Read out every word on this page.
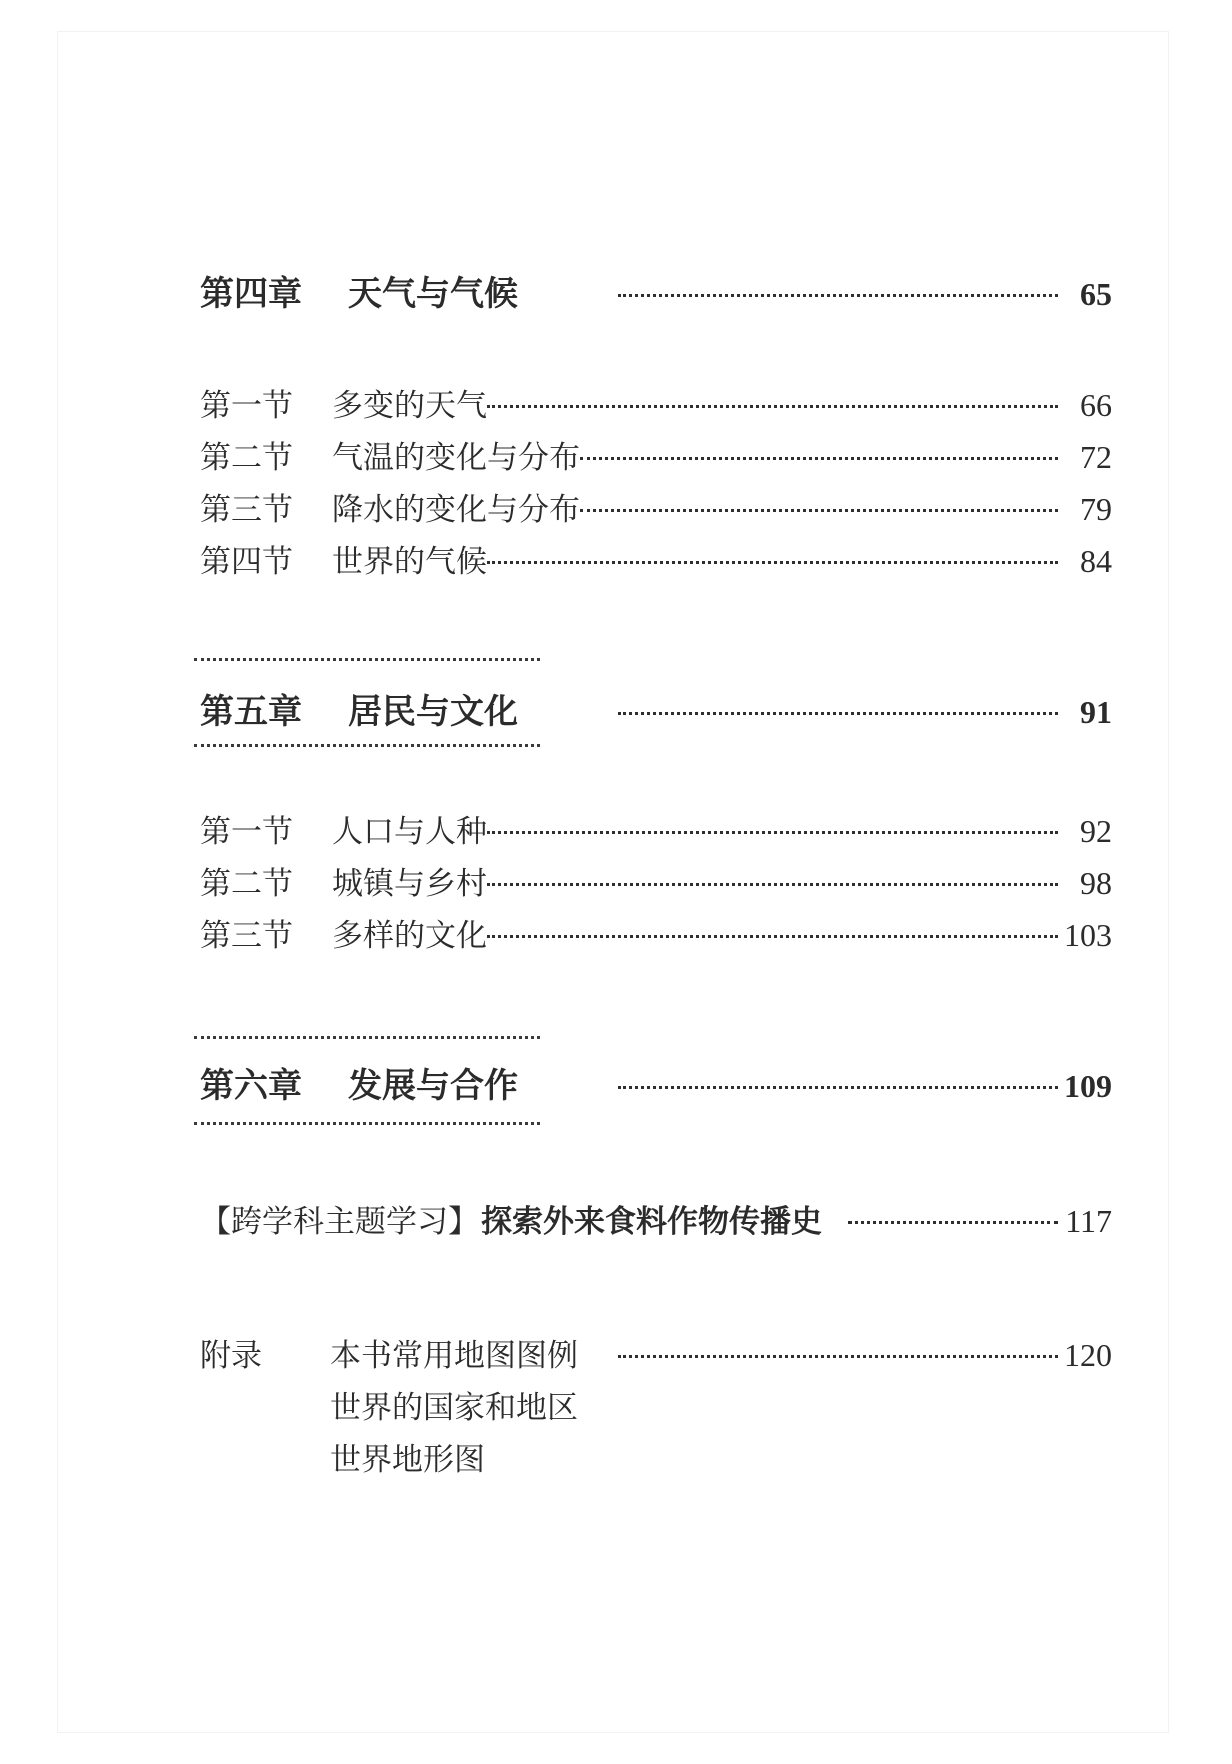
第四章	天气与气候	65
第一节	多变的天气	66
第二节	气温的变化与分布	72
第三节	降水的变化与分布	79
第四节	世界的气候	84
第五章	居民与文化	91
第一节	人口与人种	92
第二节	城镇与乡村	98
第三节	多样的文化	103
第六章	发展与合作	109
【跨学科主题学习】 探索外来食料作物传播史	117
附录	本书常用地图图例	120
世界的国家和地区
世界地形图
